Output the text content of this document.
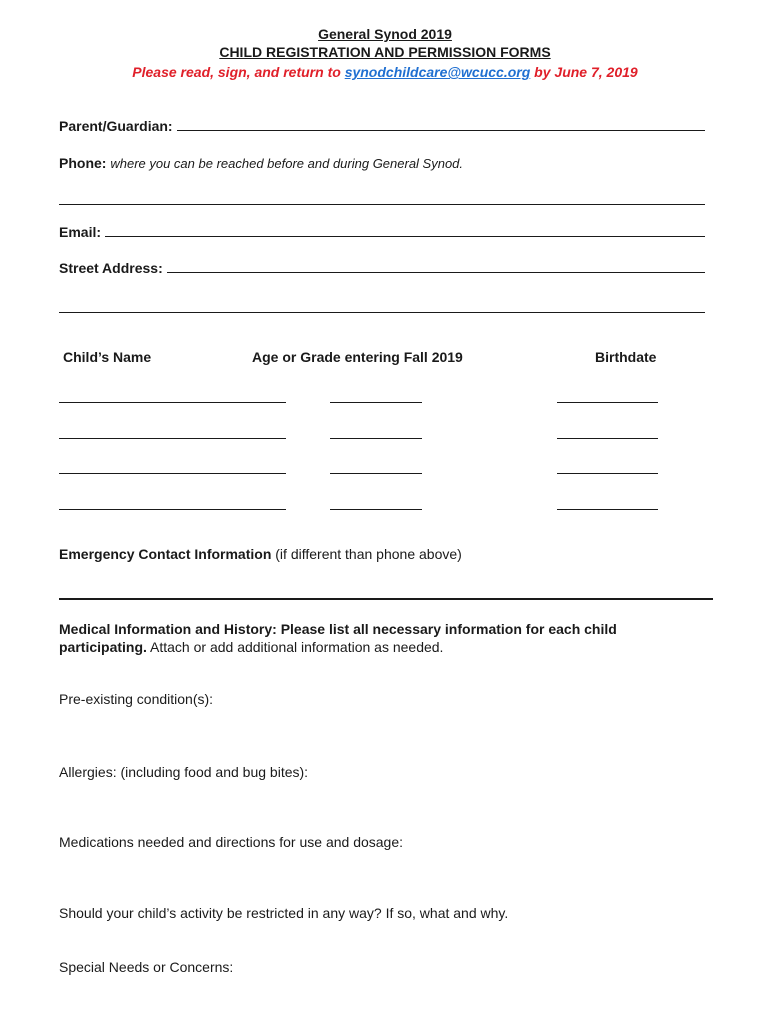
General Synod 2019
CHILD REGISTRATION AND PERMISSION FORMS
Please read, sign, and return to synodchildcare@wcucc.org by June 7, 2019
Parent/Guardian:
Phone: where you can be reached before and during General Synod.
Email:
Street Address:
Child’s Name	Age or Grade entering Fall 2019	Birthdate
Emergency Contact Information (if different than phone above)
Medical Information and History: Please list all necessary information for each child participating. Attach or add additional information as needed.
Pre-existing condition(s):
Allergies: (including food and bug bites):
Medications needed and directions for use and dosage:
Should your child’s activity be restricted in any way? If so, what and why.
Special Needs or Concerns:
